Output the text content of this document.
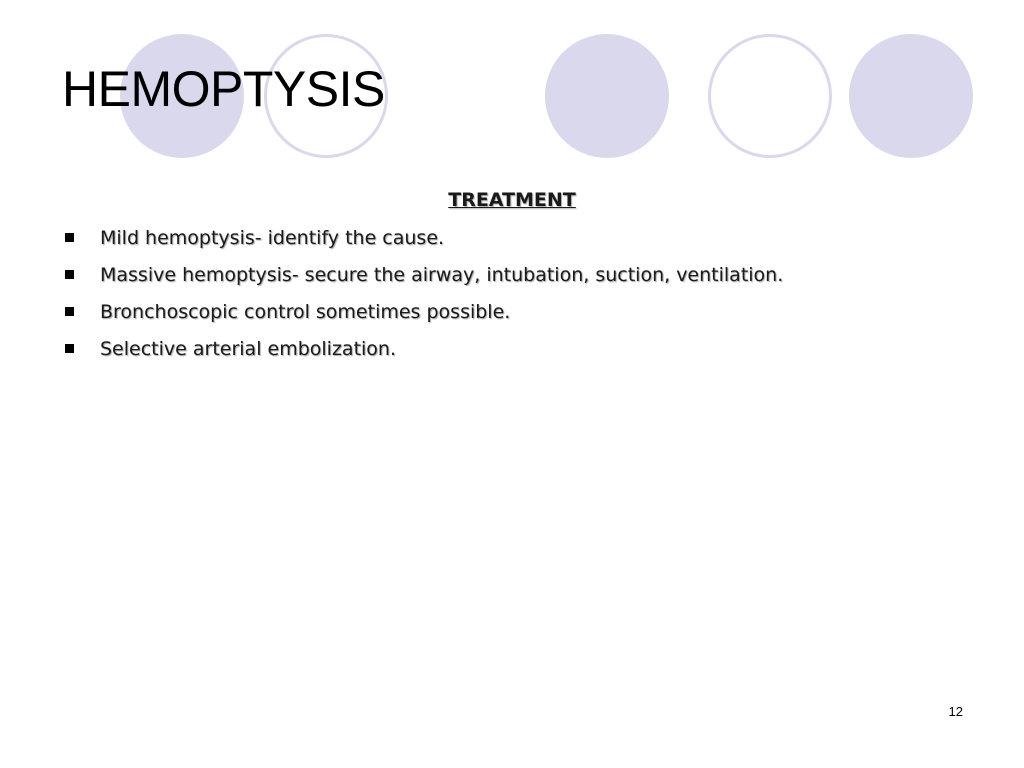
HEMOPTYSIS
TREATMENT
Mild hemoptysis- identify the cause.
Massive hemoptysis- secure the airway, intubation, suction, ventilation.
Bronchoscopic control sometimes possible.
Selective arterial embolization.
12
